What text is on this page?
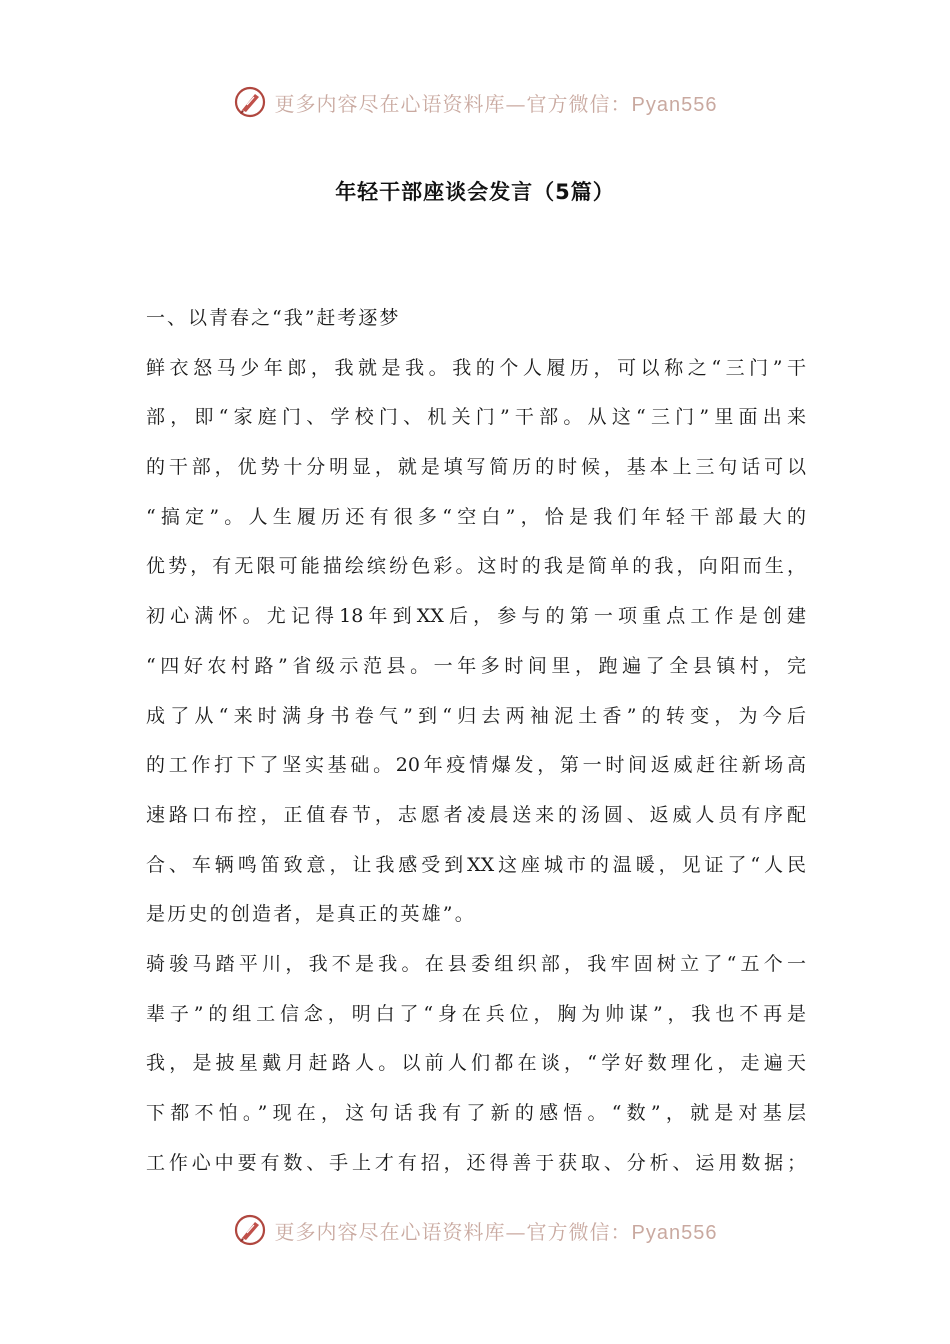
更多内容尽在心语资料库—官方微信：Pyan556
年轻干部座谈会发言（5篇）
一、以青春之“我”赶考逐梦
鲜衣怒马少年郎，我就是我。我的个人履历，可以称之“三门”干
部，即“家庭门、学校门、机关门”干部。从这“三门”里面出来
的干部，优势十分明显，就是填写简历的时候，基本上三句话可以
“搞定”。人生履历还有很多“空白”，恰是我们年轻干部最大的
优势，有无限可能描绘缤纷色彩。这时的我是简单的我，向阳而生，
初心满怀。尤记得18年到XX后，参与的第一项重点工作是创建
“四好农村路”省级示范县。一年多时间里，跑遍了全县镇村，完
成了从“来时满身书卷气”到“归去两袖泥土香”的转变，为今后
的工作打下了坚实基础。20年疫情爆发，第一时间返威赶往新场高
速路口布控，正值春节，志愿者凌晨送来的汤圆、返威人员有序配
合、车辆鸣笛致意，让我感受到XX这座城市的温暖，见证了“人民
是历史的创造者，是真正的英雄”。
骑骏马踏平川，我不是我。在县委组织部，我牢固树立了“五个一
辈子”的组工信念，明白了“身在兵位，胸为帅谋”，我也不再是
我，是披星戴月赶路人。以前人们都在谈，“学好数理化，走遍天
下都不怕。”现在，这句话我有了新的感悟。“数”，就是对基层
工作心中要有数、手上才有招，还得善于获取、分析、运用数据；
更多内容尽在心语资料库—官方微信：Pyan556
